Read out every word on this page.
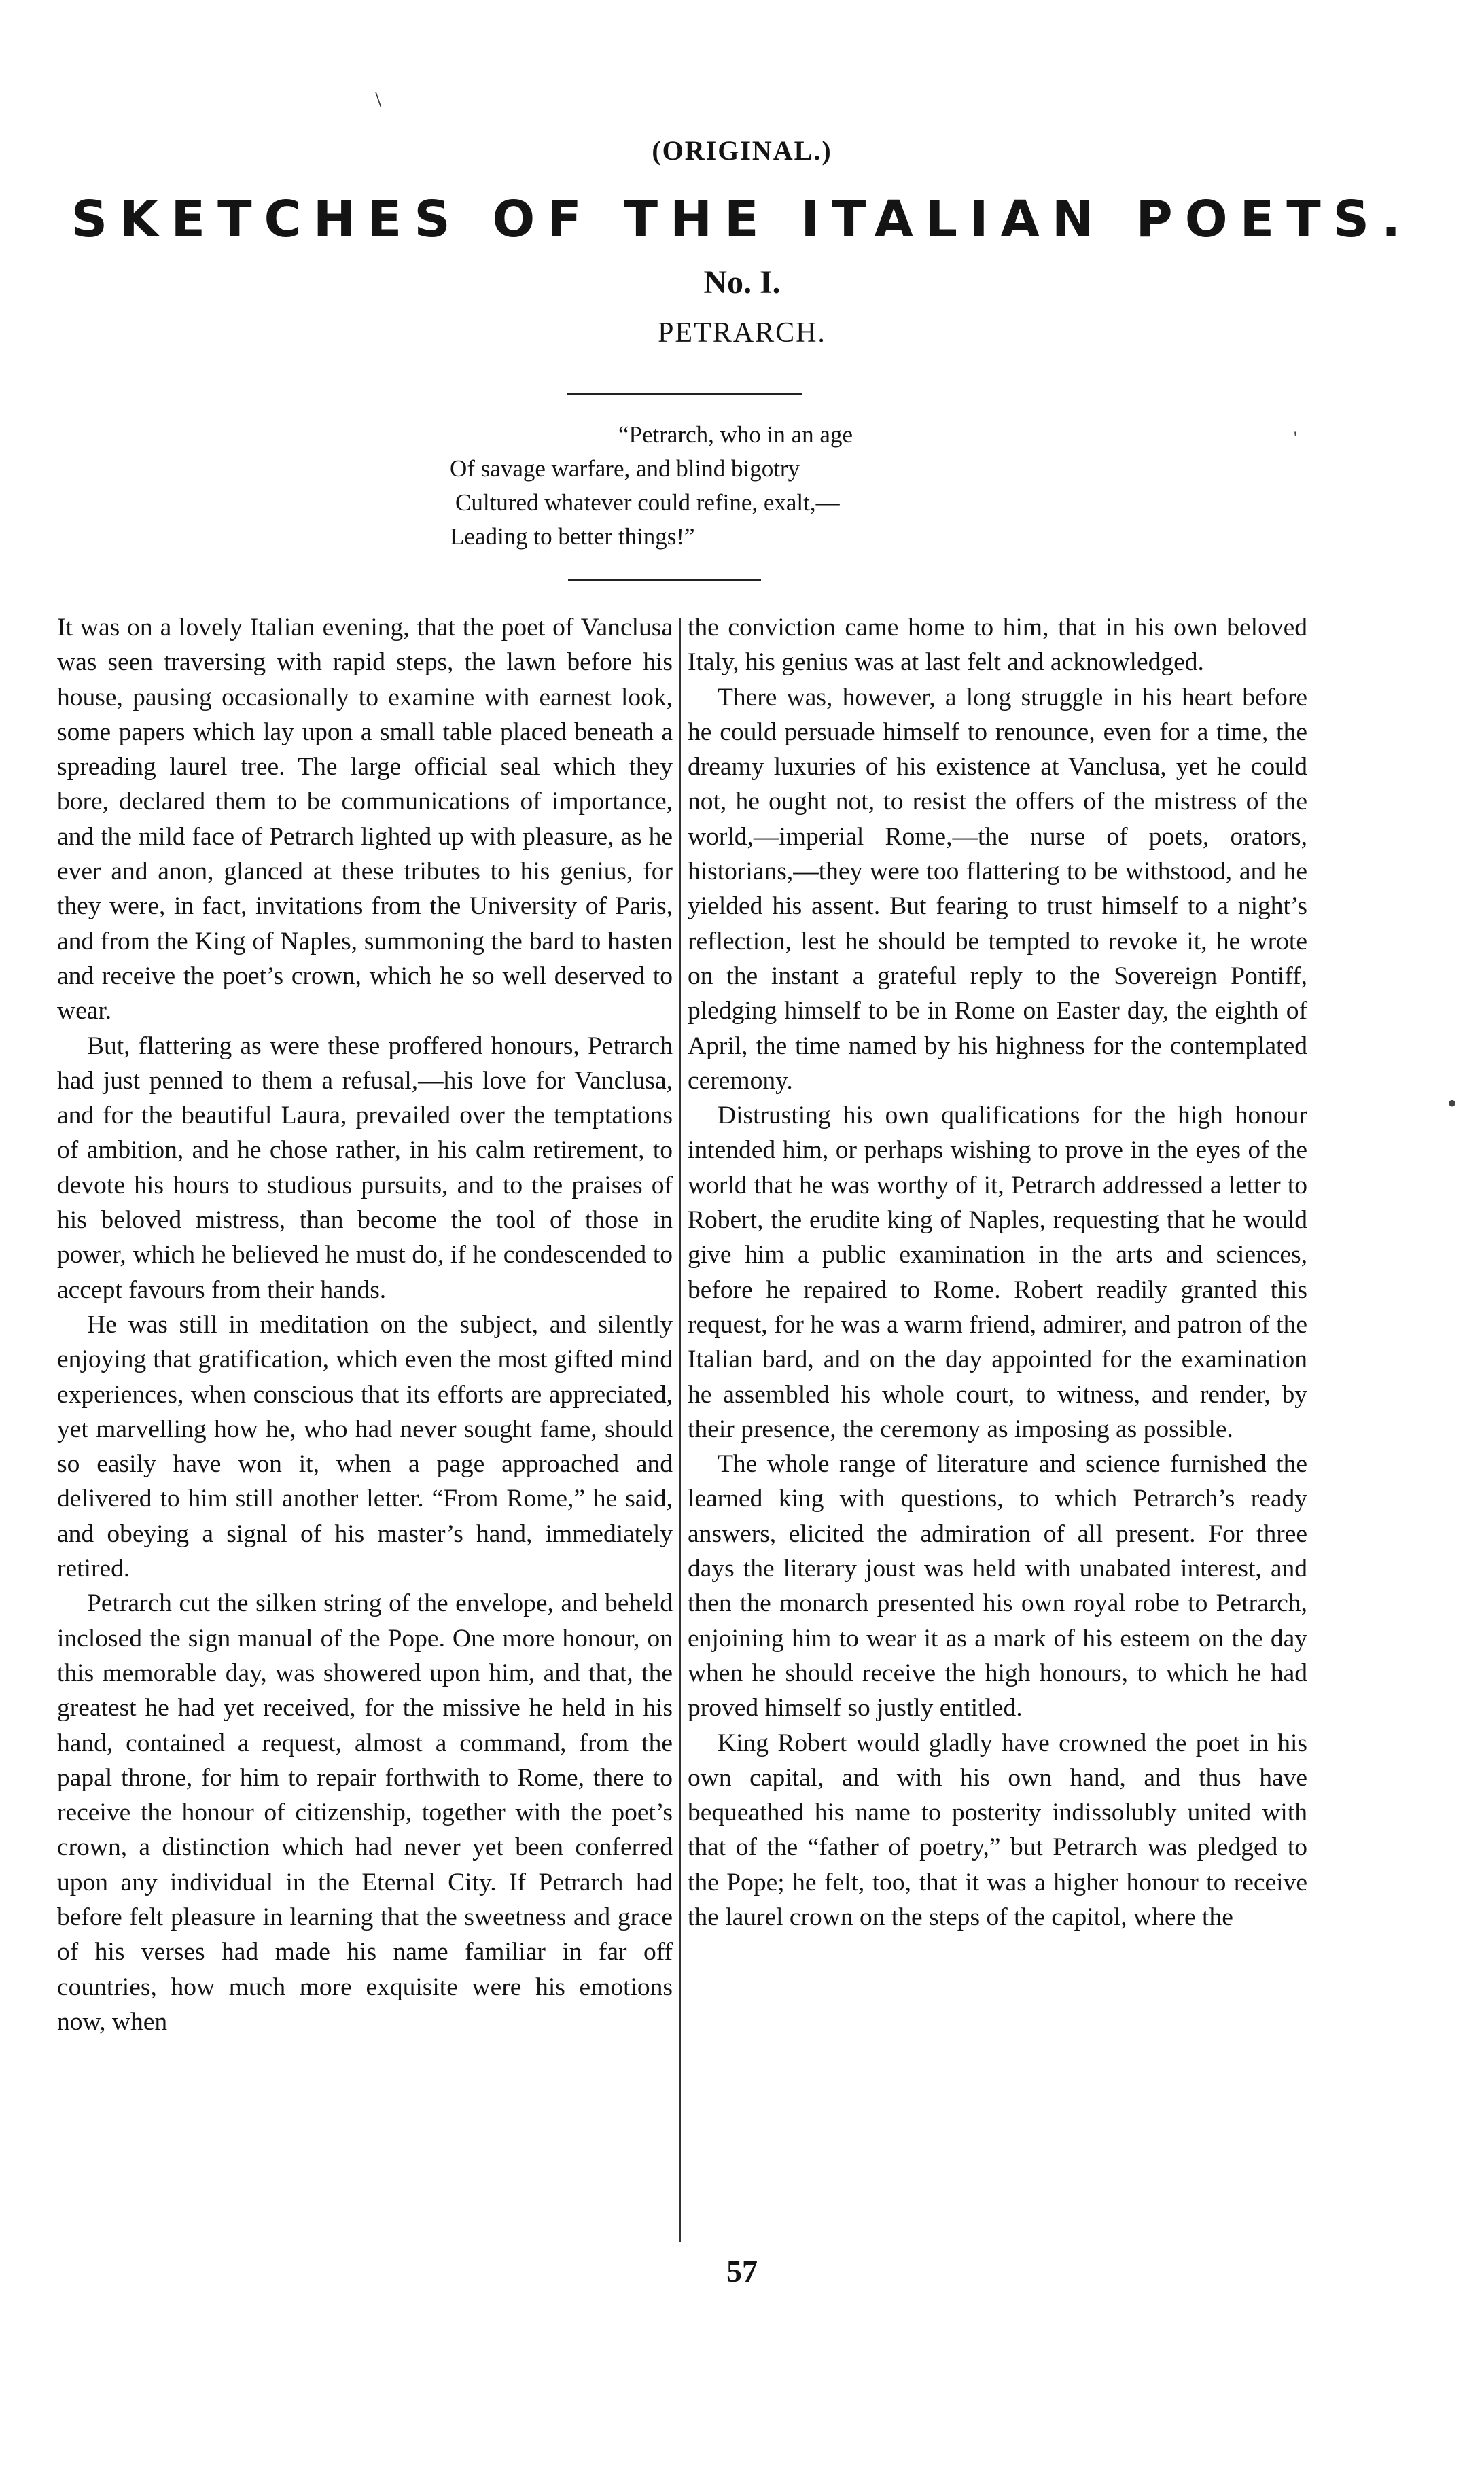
\
•
'
(ORIGINAL.)
SKETCHES OF THE ITALIAN POETS.
No. I.
PETRARCH.
“Petrarch, who in an age
Of savage warfare, and blind bigotry
Cultured whatever could refine, exalt,—
Leading to better things!”

It was on a lovely Italian evening, that the poet of Vanclusa was seen traversing with rapid steps, the lawn before his house, pausing occasionally to examine with earnest look, some papers which lay upon a small table placed beneath a spreading laurel tree. The large official seal which they bore, declared them to be communications of importance, and the mild face of Petrarch lighted up with pleasure, as he ever and anon, glanced at these tributes to his genius, for they were, in fact, invitations from the University of Paris, and from the King of Naples, summoning the bard to hasten and receive the poet’s crown, which he so well deserved to wear.

But, flattering as were these proffered honours, Petrarch had just penned to them a refusal,—his love for Vanclusa, and for the beautiful Laura, prevailed over the temptations of ambition, and he chose rather, in his calm retirement, to devote his hours to studious pursuits, and to the praises of his beloved mistress, than become the tool of those in power, which he believed he must do, if he condescended to accept favours from their hands.

He was still in meditation on the subject, and silently enjoying that gratification, which even the most gifted mind experiences, when conscious that its efforts are appreciated, yet marvelling how he, who had never sought fame, should so easily have won it, when a page approached and delivered to him still another letter. “From Rome,” he said, and obeying a signal of his master’s hand, immediately retired.

Petrarch cut the silken string of the envelope, and beheld inclosed the sign manual of the Pope. One more honour, on this memorable day, was showered upon him, and that, the greatest he had yet received, for the missive he held in his hand, contained a request, almost a command, from the papal throne, for him to repair forthwith to Rome, there to receive the honour of citizenship, together with the poet’s crown, a distinction which had never yet been conferred upon any individual in the Eternal City. If Petrarch had before felt pleasure in learning that the sweetness and grace of his verses had made his name familiar in far off countries, how much more exquisite were his emotions now, when

the conviction came home to him, that in his own beloved Italy, his genius was at last felt and acknowledged.

There was, however, a long struggle in his heart before he could persuade himself to renounce, even for a time, the dreamy luxuries of his existence at Vanclusa, yet he could not, he ought not, to resist the offers of the mistress of the world,—imperial Rome,—the nurse of poets, orators, historians,—they were too flattering to be withstood, and he yielded his assent. But fearing to trust himself to a night’s reflection, lest he should be tempted to revoke it, he wrote on the instant a grateful reply to the Sovereign Pontiff, pledging himself to be in Rome on Easter day, the eighth of April, the time named by his highness for the contemplated ceremony.

Distrusting his own qualifications for the high honour intended him, or perhaps wishing to prove in the eyes of the world that he was worthy of it, Petrarch addressed a letter to Robert, the erudite king of Naples, requesting that he would give him a public examination in the arts and sciences, before he repaired to Rome. Robert readily granted this request, for he was a warm friend, admirer, and patron of the Italian bard, and on the day appointed for the examination he assembled his whole court, to witness, and render, by their presence, the ceremony as imposing as possible.

The whole range of literature and science furnished the learned king with questions, to which Petrarch’s ready answers, elicited the admiration of all present. For three days the literary joust was held with unabated interest, and then the monarch presented his own royal robe to Petrarch, enjoining him to wear it as a mark of his esteem on the day when he should receive the high honours, to which he had proved himself so justly entitled.

King Robert would gladly have crowned the poet in his own capital, and with his own hand, and thus have bequeathed his name to posterity indissolubly united with that of the “father of poetry,” but Petrarch was pledged to the Pope; he felt, too, that it was a higher honour to receive the laurel crown on the steps of the capitol, where the

57
